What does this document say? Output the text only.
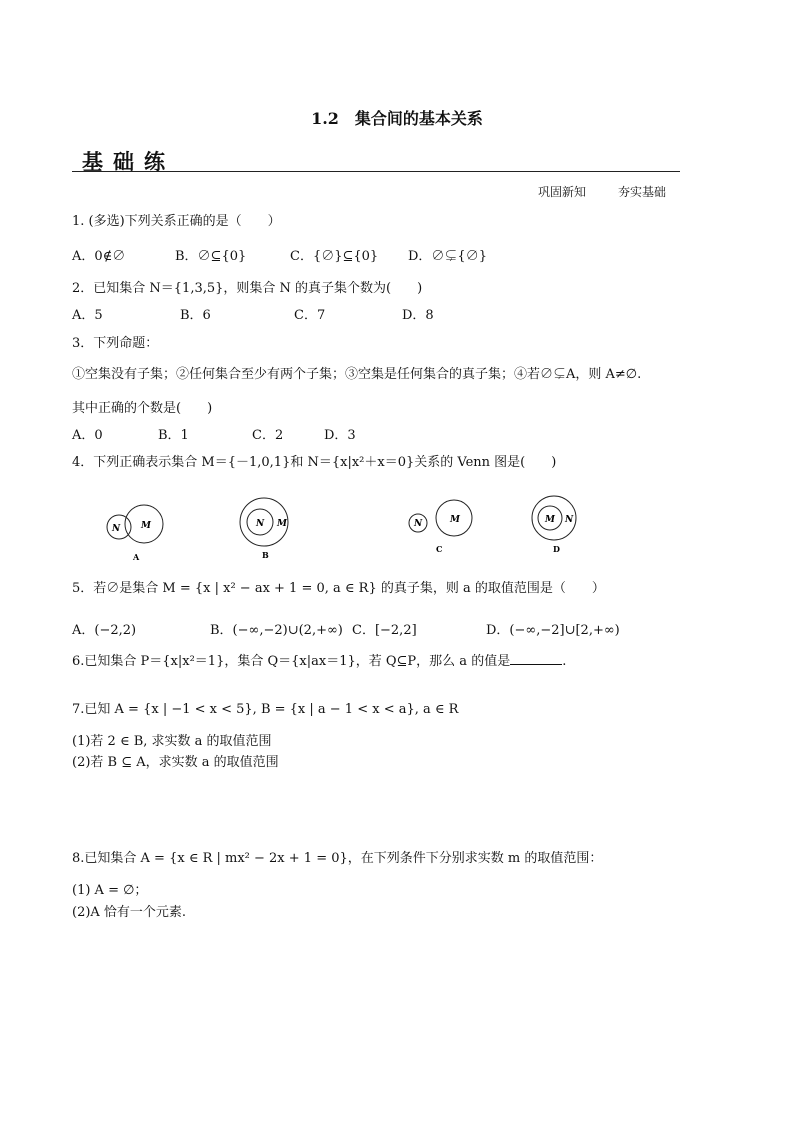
1.2　集合间的基本关系
基础练
巩固新知	夯实基础
1. (多选)下列关系正确的是（　　）
A．0∉∅	B．∅⊆{0}	C．{∅}⊆{0} D．∅⊊{∅}
2．已知集合 N＝{1,3,5}，则集合 N 的真子集个数为(　　)
A．5	B．6	C．7	D．8
3．下列命题：
①空集没有子集；②任何集合至少有两个子集；③空集是任何集合的真子集；④若∅⊊A，则 A≠∅.
其中正确的个数是(　　)
A．0	B．1	C．2	D．3
4．下列正确表示集合 M＝{－1,0,1}和 N＝{x|x²＋x＝0}关系的 Venn 图是(　　)
N M
A
N M
B
N	M
C
M N
D
5．若∅是集合 M = {x | x² − ax + 1 = 0, a ∈ R} 的真子集，则 a 的取值范围是（　　）
A．(−2,2)	B．(−∞,−2)∪(2,+∞) C．[−2,2]	D．(−∞,−2]∪[2,+∞)
6.已知集合 P＝{x|x²＝1}，集合 Q＝{x|ax＝1}，若 Q⊆P，那么 a 的值是	.
7.已知 A = {x | −1 < x < 5}, B = {x | a − 1 < x < a}, a ∈ R
(1)若 2 ∈ B, 求实数 a 的取值范围
(2)若 B ⊆ A，求实数 a 的取值范围
8.已知集合 A = {x ∈ R | mx² − 2x + 1 = 0}，在下列条件下分别求实数 m 的取值范围：
(1) A = ∅；
(2)A 恰有一个元素.
